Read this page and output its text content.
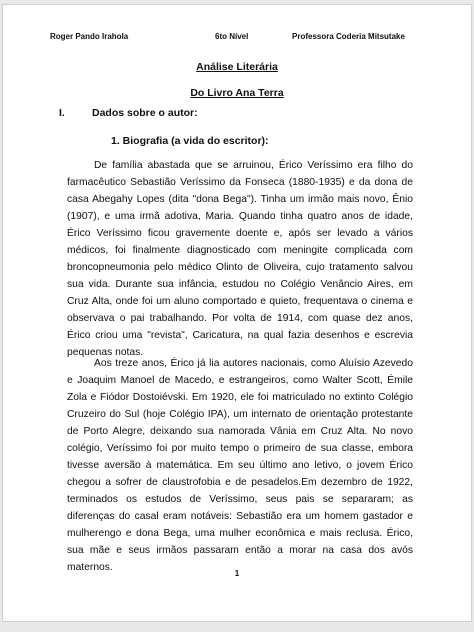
Roger Pando Irahola	6to Nível	Professora Coderia Mitsutake
Análise Literária
Do Livro Ana Terra
I.	Dados sobre o autor:
1. Biografia (a vida do escritor):

De família abastada que se arruinou, Érico Veríssimo era filho do farmacêutico Sebastião Veríssimo da Fonseca (1880-1935) e da dona de casa Abegahy Lopes (dita "dona Bega"). Tinha um irmão mais novo, Ênio (1907), e uma irmã adotiva, Maria. Quando tinha quatro anos de idade, Érico Veríssimo ficou gravemente doente e, após ser levado a vários médicos, foi finalmente diagnosticado com meningite complicada com broncopneumonia pelo médico Olinto de Oliveira, cujo tratamento salvou sua vida. Durante sua infância, estudou no Colégio Venâncio Aires, em Cruz Alta, onde foi um aluno comportado e quieto, frequentava o cinema e observava o pai trabalhando. Por volta de 1914, com quase dez anos, Érico criou uma "revista", Caricatura, na qual fazia desenhos e escrevia pequenas notas.

Aos treze anos, Érico já lia autores nacionais, como Aluísio Azevedo e Joaquim Manoel de Macedo, e estrangeiros, como Walter Scott, Émile Zola e Fiódor Dostoiévski. Em 1920, ele foi matriculado no extinto Colégio Cruzeiro do Sul (hoje Colégio IPA), um internato de orientação protestante de Porto Alegre, deixando sua namorada Vânia em Cruz Alta. No novo colégio, Veríssimo foi por muito tempo o primeiro de sua classe, embora tivesse aversão à matemática. Em seu último ano letivo, o jovem Érico chegou a sofrer de claustrofobia e de pesadelos.Em dezembro de 1922, terminados os estudos de Veríssimo, seus pais se separaram; as diferenças do casal eram notáveis: Sebastião era um homem gastador e mulherengo e dona Bega, uma mulher econômica e mais reclusa. Érico, sua mãe e seus irmãos passaram então a morar na casa dos avós maternos.

1
